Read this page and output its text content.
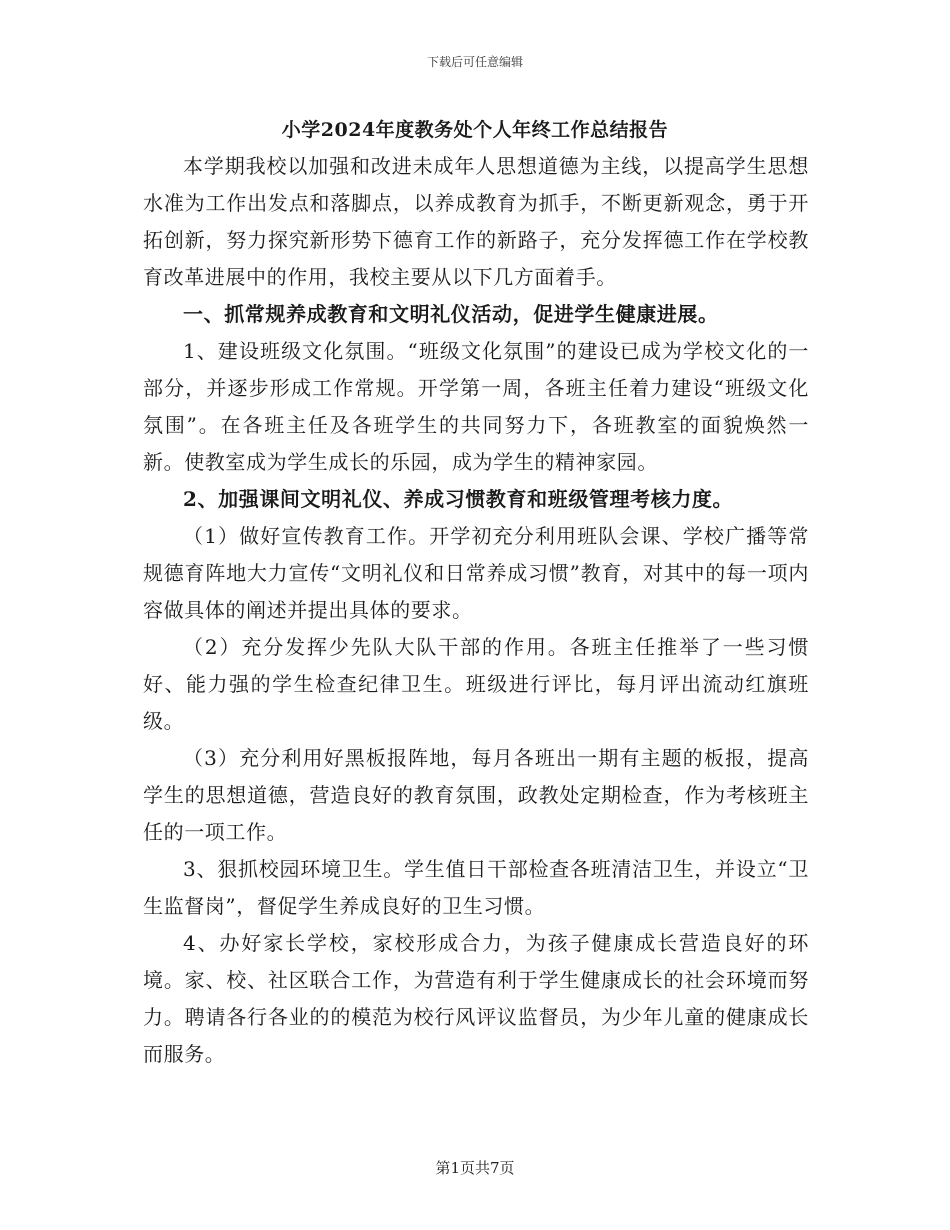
下载后可任意编辑
小学2024年度教务处个人年终工作总结报告

本学期我校以加强和改进未成年人思想道德为主线，以提高学生思想水准为工作出发点和落脚点，以养成教育为抓手，不断更新观念，勇于开拓创新，努力探究新形势下德育工作的新路子，充分发挥德工作在学校教育改革进展中的作用，我校主要从以下几方面着手。

一、抓常规养成教育和文明礼仪活动，促进学生健康进展。

1、建设班级文化氛围。“班级文化氛围”的建设已成为学校文化的一部分，并逐步形成工作常规。开学第一周，各班主任着力建设“班级文化氛围”。在各班主任及各班学生的共同努力下，各班教室的面貌焕然一新。使教室成为学生成长的乐园，成为学生的精神家园。

2、加强课间文明礼仪、养成习惯教育和班级管理考核力度。

（1）做好宣传教育工作。开学初充分利用班队会课、学校广播等常规德育阵地大力宣传“文明礼仪和日常养成习惯”教育，对其中的每一项内容做具体的阐述并提出具体的要求。

（2）充分发挥少先队大队干部的作用。各班主任推举了一些习惯好、能力强的学生检查纪律卫生。班级进行评比，每月评出流动红旗班级。

（3）充分利用好黑板报阵地，每月各班出一期有主题的板报，提高学生的思想道德，营造良好的教育氛围，政教处定期检查，作为考核班主任的一项工作。

3、狠抓校园环境卫生。学生值日干部检查各班清洁卫生，并设立“卫生监督岗”，督促学生养成良好的卫生习惯。

4、办好家长学校，家校形成合力，为孩子健康成长营造良好的环境。家、校、社区联合工作，为营造有利于学生健康成长的社会环境而努力。聘请各行各业的的模范为校行风评议监督员，为少年儿童的健康成长而服务。

第1页共7页
